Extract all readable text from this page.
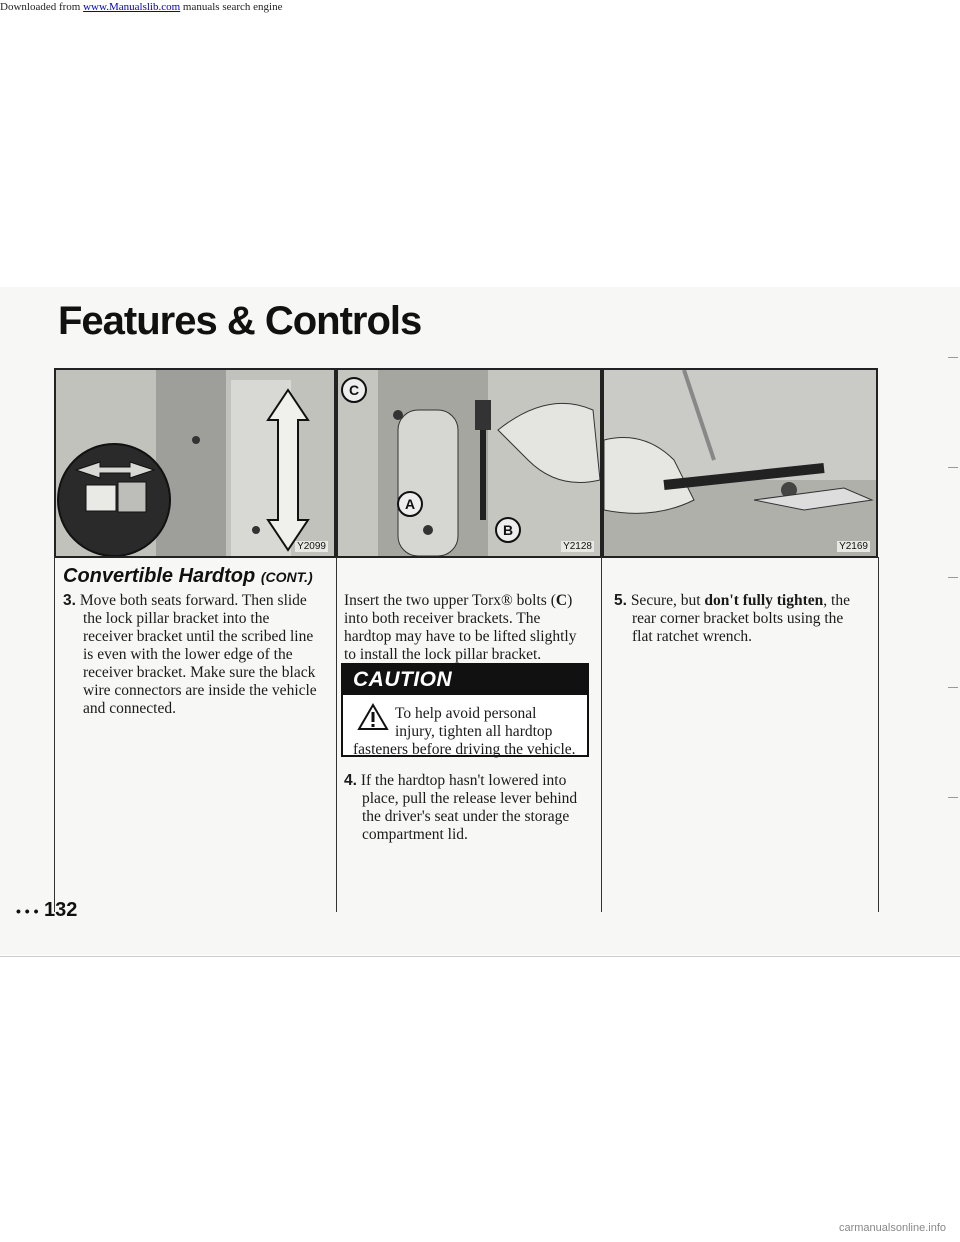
Downloaded from www.Manualslib.com manuals search engine
Features & Controls
Y2099
C
A
B
Y2128	Y2169
Convertible Hardtop (CONT.)
3. Move both seats forward. Then slide
the lock pillar bracket into the
receiver bracket until the scribed line
is even with the lower edge of the
receiver bracket. Make sure the black
wire connectors are inside the vehicle
and connected.
Insert the two upper Torx® bolts (C)
into both receiver brackets. The
hardtop may have to be lifted slightly
to install the lock pillar bracket.
CAUTION
To help avoid personal
injury, tighten all hardtop
fasteners before driving the vehicle.
4. If the hardtop hasn't lowered into
place, pull the release lever behind
the driver's seat under the storage
compartment lid.
5. Secure, but don't fully tighten, the
rear corner bracket bolts using the
flat ratchet wrench.
• • • 132
carmanualsonline.info
